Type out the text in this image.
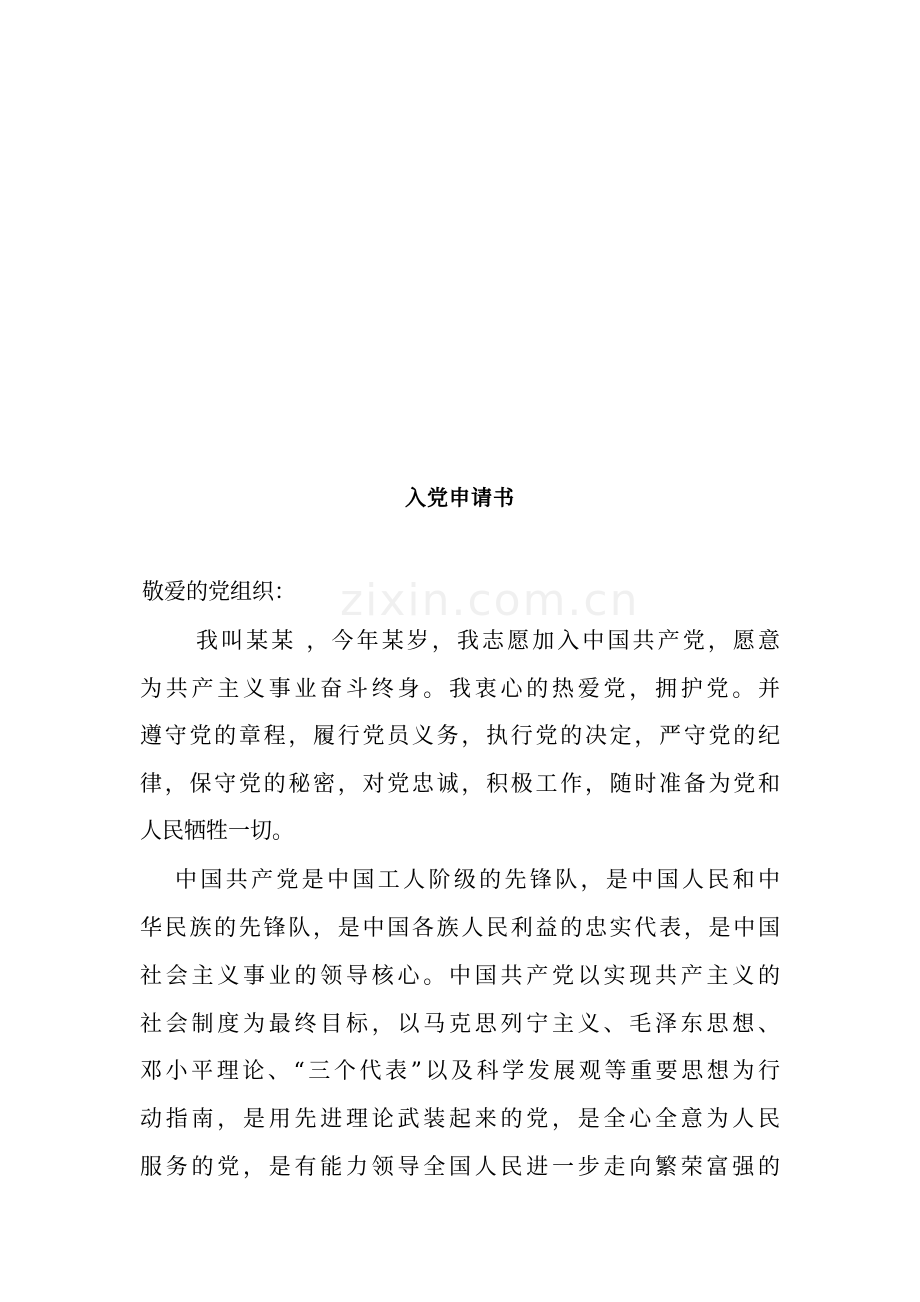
zixin.com.cn
入党申请书
敬爱的党组织：
我叫某某 ，今年某岁，我志愿加入中国共产党，愿意
为共产主义事业奋斗终身。我衷心的热爱党，拥护党。并
遵守党的章程，履行党员义务，执行党的决定，严守党的纪
律，保守党的秘密，对党忠诚，积极工作，随时准备为党和
人民牺牲一切。
中国共产党是中国工人阶级的先锋队，是中国人民和中
华民族的先锋队，是中国各族人民利益的忠实代表，是中国
社会主义事业的领导核心。中国共产党以实现共产主义的
社会制度为最终目标，以马克思列宁主义、毛泽东思想、
邓小平理论、“三个代表”以及科学发展观等重要思想为行
动指南，是用先进理论武装起来的党，是全心全意为人民
服务的党，是有能力领导全国人民进一步走向繁荣富强的
